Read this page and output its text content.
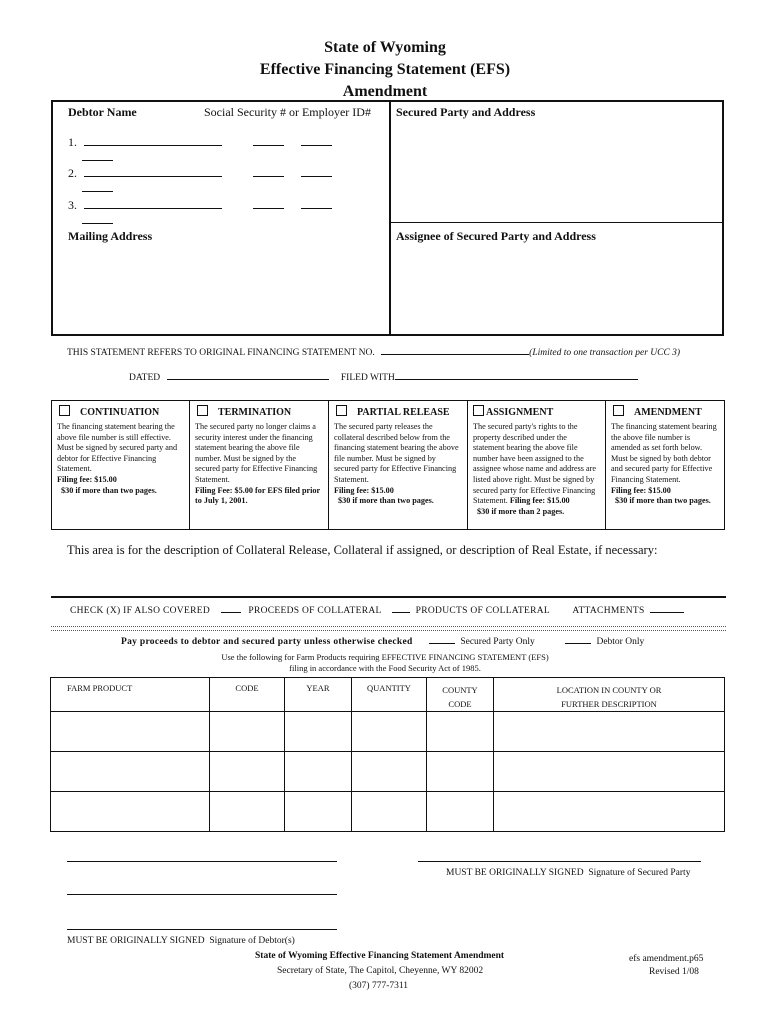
State of Wyoming
Effective Financing Statement (EFS)
Amendment
Debtor Name	Social Security # or Employer ID#
1.
2.
3.
Mailing Address
Secured Party and Address
Assignee of Secured Party and Address
THIS STATEMENT REFERS TO ORIGINAL FINANCING STATEMENT NO.	(Limited to one transaction per UCC 3)
DATED	FILED WITH
CONTINUATION
The financing statement bearing the above file number is still effective. Must be signed by secured party and debtor for Effective Financing Statement.
Filing fee: $15.00
$30 if more than two pages.
TERMINATION
The secured party no longer claims a security interest under the financing statement bearing the above file number. Must be signed by the secured party for Effective Financing Statement.
Filing Fee: $5.00 for EFS filed prior to July 1, 2001.
PARTIAL RELEASE
The secured party releases the collateral described below from the financing statement bearing the above file number. Must be signed by secured party for Effective Financing Statement.
Filing fee: $15.00
$30 if more than two pages.
ASSIGNMENT
The secured party's rights to the property described under the statement bearing the above file number have been assigned to the assignee whose name and address are listed above right. Must be signed by secured party for Effective Financing Statement. Filing fee: $15.00
$30 if more than 2 pages.
AMENDMENT
The financing statement bearing the above file number is amended as set forth below. Must be signed by both debtor and secured party for Effective Financing Statement.
Filing fee: $15.00
$30 if more than two pages.
This area is for the description of Collateral Release, Collateral if assigned, or description of Real Estate, if necessary:
CHECK (X) IF ALSO COVERED	PROCEEDS OF COLLATERAL	PRODUCTS OF COLLATERAL ATTACHMENTS
Pay proceeds to debtor and secured party unless otherwise checked	Secured Party Only	Debtor Only
Use the following for Farm Products requiring EFFECTIVE FINANCING STATEMENT (EFS)
filing in accordance with the Food Security Act of 1985.
FARM PRODUCT	CODE	YEAR	QUANTITY	COUNTY CODE	LOCATION IN COUNTY OR FURTHER DESCRIPTION

MUST BE ORIGINALLY SIGNED Signature of Secured Party
MUST BE ORIGINALLY SIGNED Signature of Debtor(s)
State of Wyoming Effective Financing Statement Amendment
Secretary of State, The Capitol, Cheyenne, WY 82002
(307) 777-7311
efs amendment.p65
Revised 1/08
